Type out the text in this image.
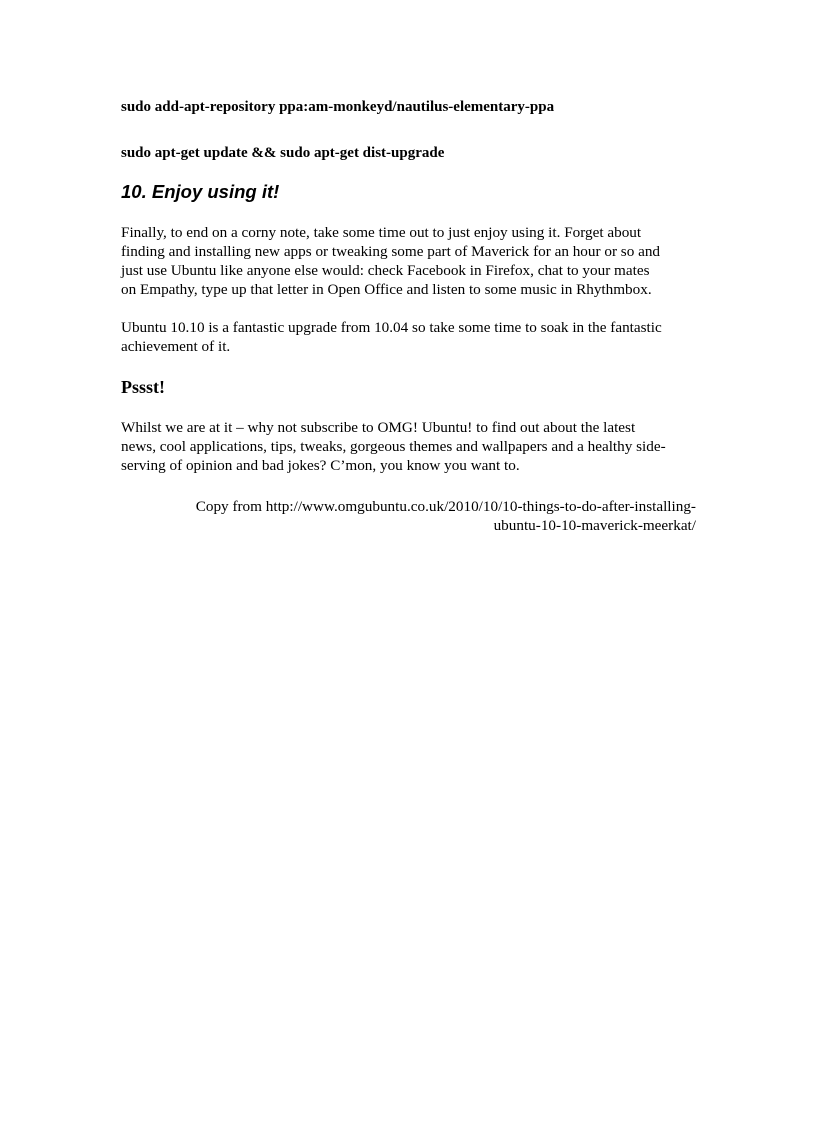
sudo add-apt-repository ppa:am-monkeyd/nautilus-elementary-ppa

sudo apt-get update && sudo apt-get dist-upgrade

10. Enjoy using it!

Finally, to end on a corny note, take some time out to just enjoy using it. Forget about
finding and installing new apps or tweaking some part of Maverick for an hour or so and
just use Ubuntu like anyone else would: check Facebook in Firefox, chat to your mates
on Empathy, type up that letter in Open Office and listen to some music in Rhythmbox.

Ubuntu 10.10 is a fantastic upgrade from 10.04 so take some time to soak in the fantastic
achievement of it.

Pssst!

Whilst we are at it – why not subscribe to OMG! Ubuntu! to find out about the latest
news, cool applications, tips, tweaks, gorgeous themes and wallpapers and a healthy side-
serving of opinion and bad jokes? C’mon, you know you want to.

Copy from http://www.omgubuntu.co.uk/2010/10/10-things-to-do-after-installing-
ubuntu-10-10-maverick-meerkat/
